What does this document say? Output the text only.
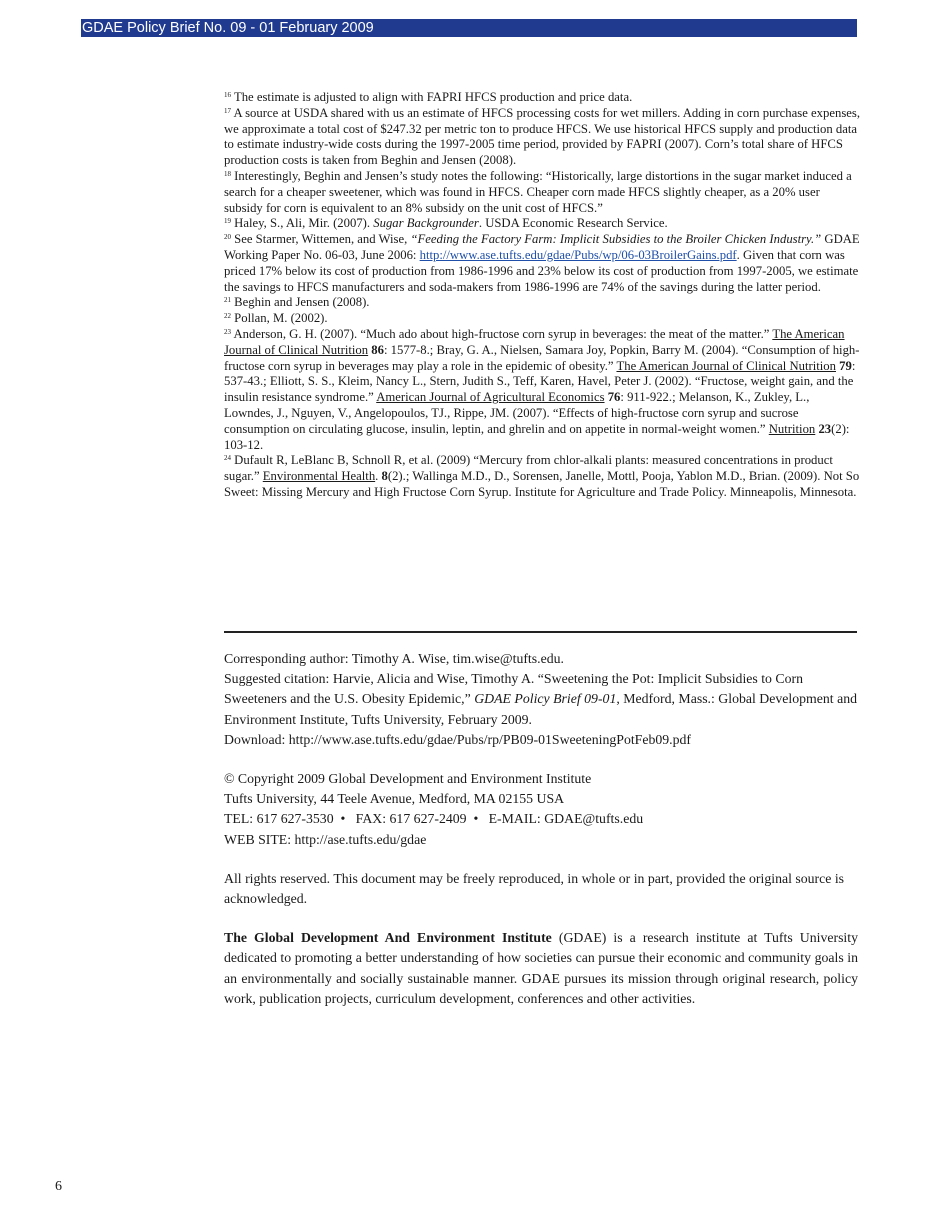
GDAE Policy Brief No. 09 - 01 February 2009

$^{16}$ The estimate is adjusted to align with FAPRI HFCS production and price data.

$^{17}$ A source at USDA shared with us an estimate of HFCS processing costs for wet millers. Adding in corn purchase expenses, we approximate a total cost of $247.32 per metric ton to produce HFCS. We use historical HFCS supply and production data to estimate industry-wide costs during the 1997-2005 time period, provided by FAPRI (2007). Corn’s total share of HFCS production costs is taken from Beghin and Jensen (2008).

$^{18}$ Interestingly, Beghin and Jensen’s study notes the following: “Historically, large distortions in the sugar market induced a search for a cheaper sweetener, which was found in HFCS. Cheaper corn made HFCS slightly cheaper, as a 20% user subsidy for corn is equivalent to an 8% subsidy on the unit cost of HFCS.”

$^{19}$ Haley, S., Ali, Mir. (2007). Sugar Backgrounder. USDA Economic Research Service.

$^{20}$ See Starmer, Wittemen, and Wise, “Feeding the Factory Farm: Implicit Subsidies to the Broiler Chicken Industry.” GDAE Working Paper No. 06-03, June 2006: http://www.ase.tufts.edu/gdae/Pubs/wp/06-03BroilerGains.pdf. Given that corn was priced 17% below its cost of production from 1986-1996 and 23% below its cost of production from 1997-2005, we estimate the savings to HFCS manufacturers and soda-makers from 1986-1996 are 74% of the savings during the latter period.

$^{21}$ Beghin and Jensen (2008).

$^{22}$ Pollan, M. (2002).

$^{23}$ Anderson, G. H. (2007). “Much ado about high-fructose corn syrup in beverages: the meat of the matter.” The American Journal of Clinical Nutrition 86: 1577-8.; Bray, G. A., Nielsen, Samara Joy, Popkin, Barry M. (2004). “Consumption of high-fructose corn syrup in beverages may play a role in the epidemic of obesity.” The American Journal of Clinical Nutrition 79: 537-43.; Elliott, S. S., Kleim, Nancy L., Stern, Judith S., Teff, Karen, Havel, Peter J. (2002). “Fructose, weight gain, and the insulin resistance syndrome.” American Journal of Agricultural Economics 76: 911-922.; Melanson, K., Zukley, L., Lowndes, J., Nguyen, V., Angelopoulos, TJ., Rippe, JM. (2007). “Effects of high-fructose corn syrup and sucrose consumption on circulating glucose, insulin, leptin, and ghrelin and on appetite in normal-weight women.” Nutrition 23(2): 103-12.

$^{24}$ Dufault R, LeBlanc B, Schnoll R, et al. (2009) “Mercury from chlor-alkali plants: measured concentrations in product sugar.” Environmental Health. 8(2).; Wallinga M.D., D., Sorensen, Janelle, Mottl, Pooja, Yablon M.D., Brian. (2009). Not So Sweet: Missing Mercury and High Fructose Corn Syrup. Institute for Agriculture and Trade Policy. Minneapolis, Minnesota.

Corresponding author: Timothy A. Wise, tim.wise@tufts.edu.

Suggested citation: Harvie, Alicia and Wise, Timothy A. “Sweetening the Pot: Implicit Subsidies to Corn Sweeteners and the U.S. Obesity Epidemic,” GDAE Policy Brief 09-01, Medford, Mass.: Global Development and Environment Institute, Tufts University, February 2009.

Download: http://www.ase.tufts.edu/gdae/Pubs/rp/PB09-01SweeteningPotFeb09.pdf

© Copyright 2009 Global Development and Environment Institute

Tufts University, 44 Teele Avenue, Medford, MA 02155 USA

TEL: 617 627-3530  •   FAX: 617 627-2409  •   E-MAIL: GDAE@tufts.edu

WEB SITE: http://ase.tufts.edu/gdae

All rights reserved. This document may be freely reproduced, in whole or in part, provided the original source is acknowledged.

The Global Development And Environment Institute (GDAE) is a research institute at Tufts University dedicated to promoting a better understanding of how societies can pursue their economic and community goals in an environmentally and socially sustainable manner. GDAE pursues its mission through original research, policy work, publication projects, curriculum development, conferences and other activities.

6
